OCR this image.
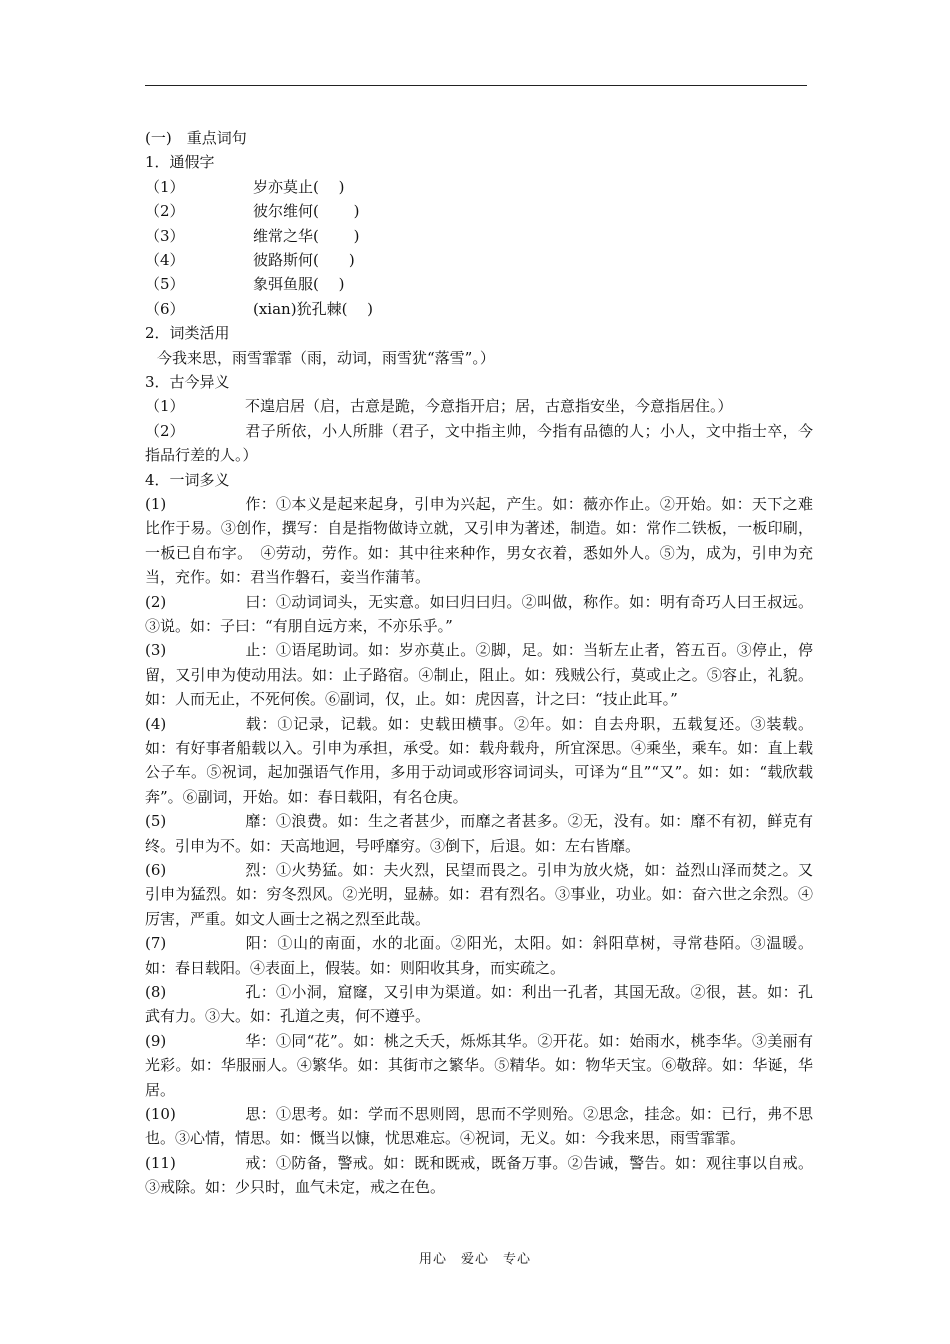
(一)　重点词句
1．通假字
（1）	岁亦莫止(　 )
（2）	彼尔维何(　　 )
（3）	维常之华(　　 )
（4）	彼路斯何(　　)
（5）	象弭鱼服(　 )
（6）	(xian)狁孔棘(　 )
2．词类活用
今我来思，雨雪霏霏（雨，动词，雨雪犹“落雪”。）
3．古今异义
（1）	不遑启居（启，古意是跪，今意指开启；居，古意指安坐，今意指居住。）
（2）	君子所依，小人所腓（君子，文中指主帅，今指有品德的人；小人，文中指士卒，今指品行差的人。）
4．一词多义
(1)	作：①本义是起来起身，引申为兴起，产生。如：薇亦作止。②开始。如：天下之难比作于易。③创作，撰写：自是指物做诗立就，又引申为著述，制造。如：常作二铁板，一板印刷，一板已自布字。　④劳动，劳作。如：其中往来种作，男女衣着，悉如外人。⑤为，成为，引申为充当，充作。如：君当作磐石，妾当作蒲苇。
(2)	曰：①动词词头，无实意。如曰归曰归。②叫做，称作。如：明有奇巧人曰王叔远。③说。如：子曰：“有朋自远方来，不亦乐乎。”
(3)	止：①语尾助词。如：岁亦莫止。②脚，足。如：当斩左止者，笞五百。③停止，停留，又引申为使动用法。如：止子路宿。④制止，阻止。如：残贼公行，莫或止之。⑤容止，礼貌。如：人而无止，不死何俟。⑥副词，仅，止。如：虎因喜，计之曰：“技止此耳。”
(4)	载：①记录，记载。如：史载田横事。②年。如：自去舟职，五载复还。③装载。如：有好事者船载以入。引申为承担，承受。如：载舟载舟，所宜深思。④乘坐，乘车。如：直上载公子车。⑤祝词，起加强语气作用，多用于动词或形容词词头，可译为“且”“又”。如：如：“载欣载奔”。⑥副词，开始。如：春日载阳，有名仓庚。
(5)	靡：①浪费。如：生之者甚少，而靡之者甚多。②无，没有。如：靡不有初，鲜克有终。引申为不。如：天高地迥，号呼靡穷。③倒下，后退。如：左右皆靡。
(6)	烈：①火势猛。如：夫火烈，民望而畏之。引申为放火烧，如：益烈山泽而焚之。又引申为猛烈。如：穷冬烈风。②光明，显赫。如：君有烈名。③事业，功业。如：奋六世之余烈。④厉害，严重。如文人画士之祸之烈至此哉。
(7)	阳：①山的南面，水的北面。②阳光，太阳。如：斜阳草树，寻常巷陌。③温暖。如：春日载阳。④表面上，假装。如：则阳收其身，而实疏之。
(8)	孔：①小洞，窟窿，又引申为渠道。如：利出一孔者，其国无敌。②很，甚。如：孔武有力。③大。如：孔道之夷，何不遵乎。
(9)	华：①同“花”。如：桃之夭夭，烁烁其华。②开花。如：始雨水，桃李华。③美丽有光彩。如：华服丽人。④繁华。如：其街市之繁华。⑤精华。如：物华天宝。⑥敬辞。如：华诞，华居。
(10)	思：①思考。如：学而不思则罔，思而不学则殆。②思念，挂念。如：已行，弗不思也。③心情，情思。如：慨当以慷，忧思难忘。④祝词，无义。如：今我来思，雨雪霏霏。
(11)	戒：①防备，警戒。如：既和既戒，既备万事。②告诫，警告。如：观往事以自戒。③戒除。如：少只时，血气未定，戒之在色。
用心　爱心　专心
